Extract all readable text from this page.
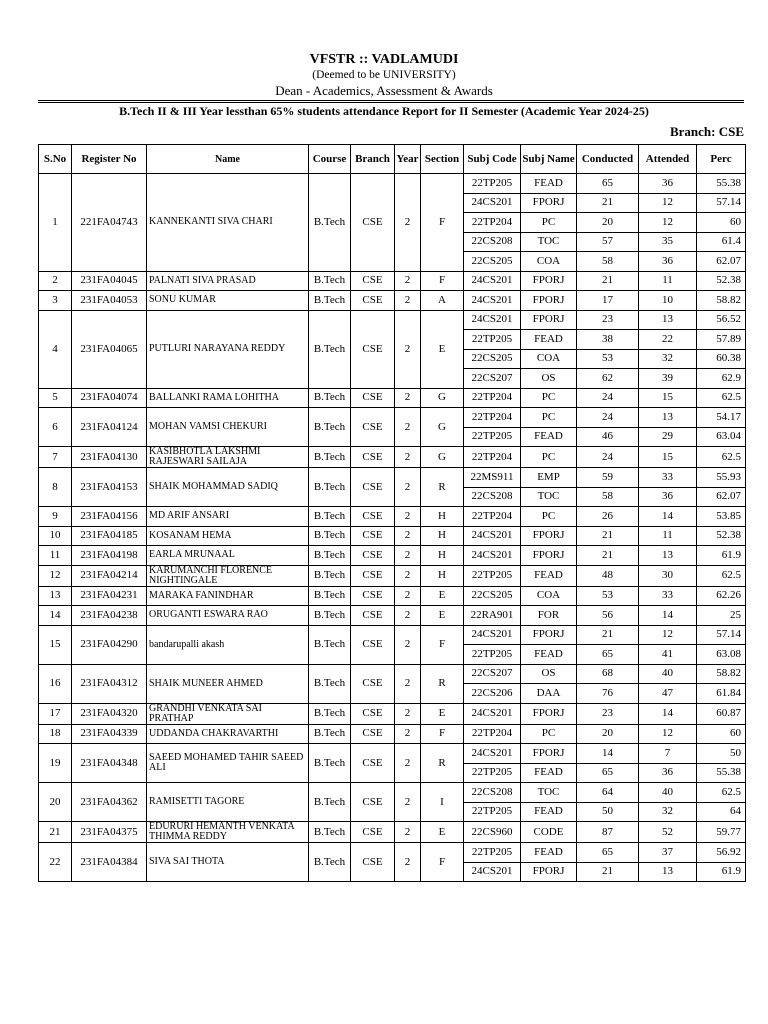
VFSTR :: VADLAMUDI
(Deemed to be UNIVERSITY)
Dean - Academics, Assessment & Awards
B.Tech II & III Year lessthan 65% students attendance Report for II Semester (Academic Year 2024-25)
Branch: CSE
S.No	Register No	Name	Course	Branch	Year	Section	Subj Code	Subj Name	Conducted	Attended	Perc
1	221FA04743	KANNEKANTI SIVA CHARI	B.Tech	CSE	2	F	22TP205	FEAD	65	36	55.38
							24CS201	FPORJ	21	12	57.14
							22TP204	PC	20	12	60
							22CS208	TOC	57	35	61.4
							22CS205	COA	58	36	62.07
2	231FA04045	PALNATI SIVA PRASAD	B.Tech	CSE	2	F	24CS201	FPORJ	21	11	52.38
3	231FA04053	SONU KUMAR	B.Tech	CSE	2	A	24CS201	FPORJ	17	10	58.82
4	231FA04065	PUTLURI NARAYANA REDDY	B.Tech	CSE	2	E	24CS201	FPORJ	23	13	56.52
							22TP205	FEAD	38	22	57.89
							22CS205	COA	53	32	60.38
							22CS207	OS	62	39	62.9
5	231FA04074	BALLANKI RAMA LOHITHA	B.Tech	CSE	2	G	22TP204	PC	24	15	62.5
6	231FA04124	MOHAN VAMSI CHEKURI	B.Tech	CSE	2	G	22TP204	PC	24	13	54.17
							22TP205	FEAD	46	29	63.04
7	231FA04130	KASIBHOTLA LAKSHMI RAJESWARI SAILAJA	B.Tech	CSE	2	G	22TP204	PC	24	15	62.5
8	231FA04153	SHAIK MOHAMMAD SADIQ	B.Tech	CSE	2	R	22MS911	EMP	59	33	55.93
							22CS208	TOC	58	36	62.07
9	231FA04156	MD ARIF ANSARI	B.Tech	CSE	2	H	22TP204	PC	26	14	53.85
10	231FA04185	KOSANAM HEMA	B.Tech	CSE	2	H	24CS201	FPORJ	21	11	52.38
11	231FA04198	EARLA MRUNAAL	B.Tech	CSE	2	H	24CS201	FPORJ	21	13	61.9
12	231FA04214	KARUMANCHI FLORENCE NIGHTINGALE	B.Tech	CSE	2	H	22TP205	FEAD	48	30	62.5
13	231FA04231	MARAKA FANINDHAR	B.Tech	CSE	2	E	22CS205	COA	53	33	62.26
14	231FA04238	ORUGANTI ESWARA RAO	B.Tech	CSE	2	E	22RA901	FOR	56	14	25
15	231FA04290	bandarupalli akash	B.Tech	CSE	2	F	24CS201	FPORJ	21	12	57.14
							22TP205	FEAD	65	41	63.08
16	231FA04312	SHAIK MUNEER AHMED	B.Tech	CSE	2	R	22CS207	OS	68	40	58.82
							22CS206	DAA	76	47	61.84
17	231FA04320	GRANDHI VENKATA SAI PRATHAP	B.Tech	CSE	2	E	24CS201	FPORJ	23	14	60.87
18	231FA04339	UDDANDA CHAKRAVARTHI	B.Tech	CSE	2	F	22TP204	PC	20	12	60
19	231FA04348	SAEED MOHAMED TAHIR SAEED ALI	B.Tech	CSE	2	R	24CS201	FPORJ	14	7	50
							22TP205	FEAD	65	36	55.38
20	231FA04362	RAMISETTI TAGORE	B.Tech	CSE	2	I	22CS208	TOC	64	40	62.5
							22TP205	FEAD	50	32	64
21	231FA04375	EDURURI HEMANTH VENKATA THIMMA REDDY	B.Tech	CSE	2	E	22CS960	CODE	87	52	59.77
22	231FA04384	SIVA SAI THOTA	B.Tech	CSE	2	F	22TP205	FEAD	65	37	56.92
							24CS201	FPORJ	21	13	61.9
